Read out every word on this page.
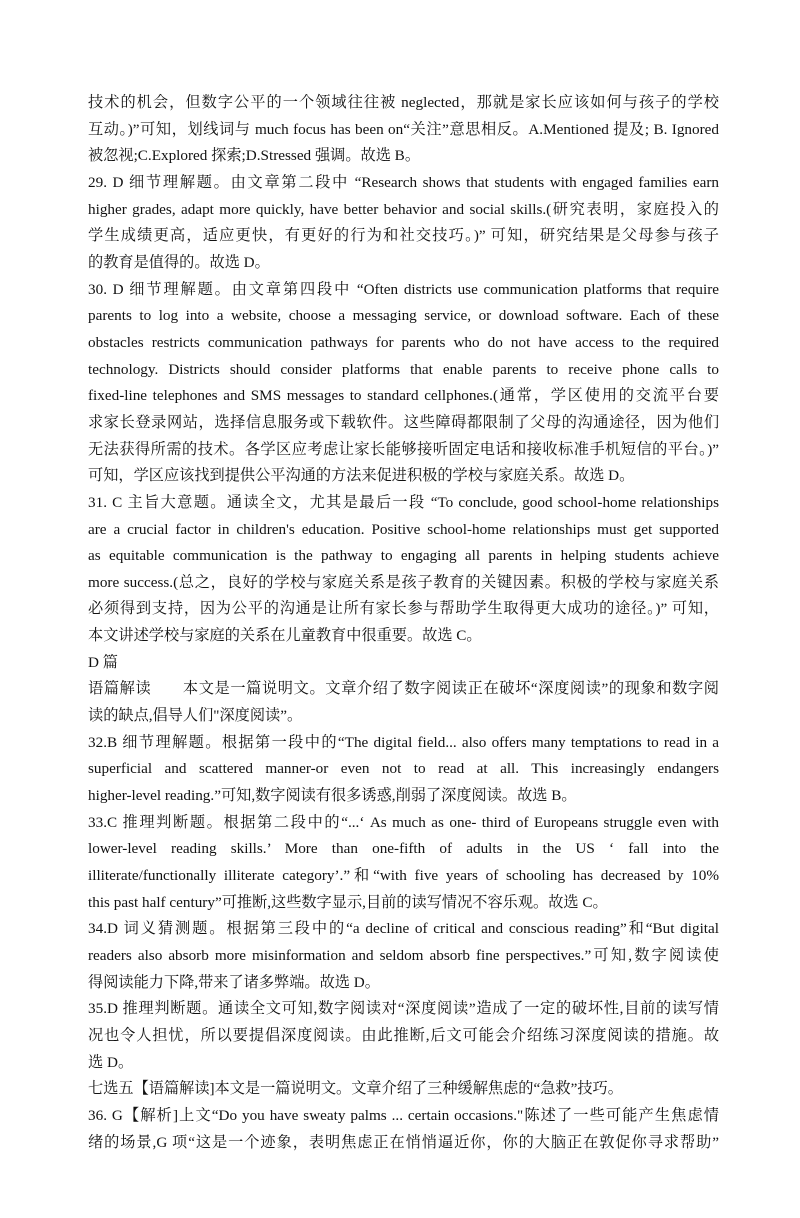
技术的机会，但数字公平的一个领域往往被 neglected，那就是家长应该如何与孩子的学校
互动。)”可知，划线词与 much focus has been on“关注”意思相反。A.Mentioned 提及; B. Ignored
被忽视;C.Explored 探索;D.Stressed 强调。故选 B。
29. D 细节理解题。由文章第二段中 “Research shows that students with engaged families earn
higher grades, adapt more quickly, have better behavior and social skills.(研究表明，家庭投入的
学生成绩更高，适应更快，有更好的行为和社交技巧。)” 可知，研究结果是父母参与孩子
的教育是值得的。故选 D。
30. D 细节理解题。由文章第四段中 “Often districts use communication platforms that require
parents to log into a website, choose a messaging service, or download software. Each of these
obstacles restricts communication pathways for parents who do not have access to the required
technology. Districts should consider platforms that enable parents to receive phone calls to
fixed-line telephones and SMS messages to standard cellphones.(通常，学区使用的交流平台要
求家长登录网站，选择信息服务或下载软件。这些障碍都限制了父母的沟通途径，因为他们
无法获得所需的技术。各学区应考虑让家长能够接听固定电话和接收标准手机短信的平台。)”
可知，学区应该找到提供公平沟通的方法来促进积极的学校与家庭关系。故选 D。
31. C 主旨大意题。通读全文，尤其是最后一段 “To conclude, good school-home relationships
are a crucial factor in children's education. Positive school-home relationships must get supported
as equitable communication is the pathway to engaging all parents in helping students achieve
more success.(总之，良好的学校与家庭关系是孩子教育的关键因素。积极的学校与家庭关系
必须得到支持，因为公平的沟通是让所有家长参与帮助学生取得更大成功的途径。)” 可知，
本文讲述学校与家庭的关系在儿童教育中很重要。故选 C。
D 篇
语篇解读　　本文是一篇说明文。文章介绍了数字阅读正在破坏“深度阅读”的现象和数字阅
读的缺点,倡导人们"深度阅读”。
32.B 细节理解题。根据第一段中的“The digital field... also offers many temptations to read in a
superficial and scattered manner-or even not to read at all. This increasingly endangers
higher-level reading.”可知,数字阅读有很多诱惑,削弱了深度阅读。故选 B。
33.C 推理判断题。根据第二段中的“...‘ As much as one- third of Europeans struggle even with
lower-level reading skills.’ More than one-fifth of adults in the US ‘ fall into the
illiterate/functionally illiterate category’.”和“with five years of schooling has decreased by 10%
this past half century”可推断,这些数字显示,目前的读写情况不容乐观。故选 C。
34.D 词义猜测题。根据第三段中的“a decline of critical and conscious reading”和“But digital
readers also absorb more misinformation and seldom absorb fine perspectives.”可知,数字阅读使
得阅读能力下降,带来了诸多弊端。故选 D。
35.D 推理判断题。通读全文可知,数字阅读对“深度阅读”造成了一定的破坏性,目前的读写情
况也令人担忧，所以要提倡深度阅读。由此推断,后文可能会介绍练习深度阅读的措施。故
选 D。
七选五【语篇解读]本文是一篇说明文。文章介绍了三种缓解焦虑的“急救”技巧。
36. G【解析]上文“Do you have sweaty palms ... certain occasions."陈述了一些可能产生焦虑情
绪的场景,G 项“这是一个迹象，表明焦虑正在悄悄逼近你，你的大脑正在敦促你寻求帮助”
